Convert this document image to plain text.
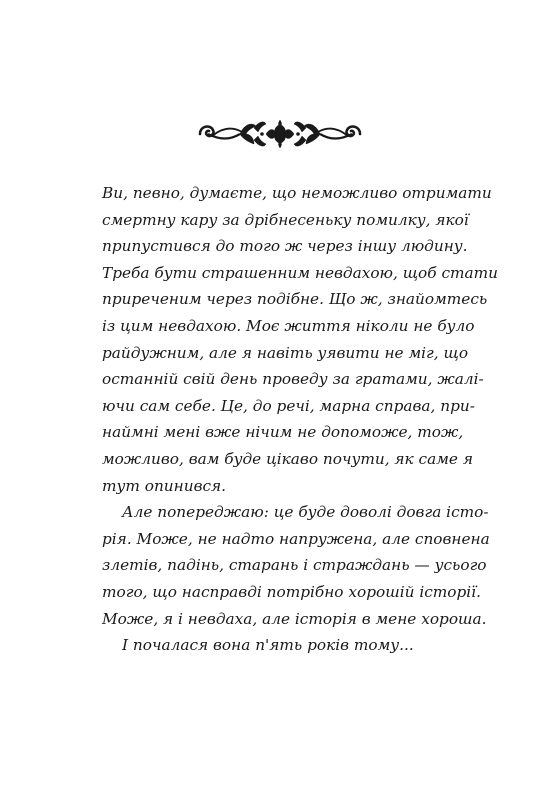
Ви, певно, думаєте, що неможливо отримати
смертну кару за дрібнесеньку помилку, якої
припустився до того ж через іншу людину.
Треба бути страшенним невдахою, щоб стати
приреченим через подібне. Що ж, знайомтесь
із цим невдахою. Моє життя ніколи не було
райдужним, але я навіть уявити не міг, що
останній свій день проведу за гратами, жалі-
ючи сам себе. Це, до речі, марна справа, при-
наймні мені вже нічим не допоможе, тож,
можливо, вам буде цікаво почути, як саме я
тут опинився.
Але попереджаю: це буде доволі довга істо-
рія. Може, не надто напружена, але сповнена
злетів, падінь, старань і страждань — усього
того, що насправді потрібно хорошій історії.
Може, я і невдаха, але історія в мене хороша.
І почалася вона п'ять років тому...
